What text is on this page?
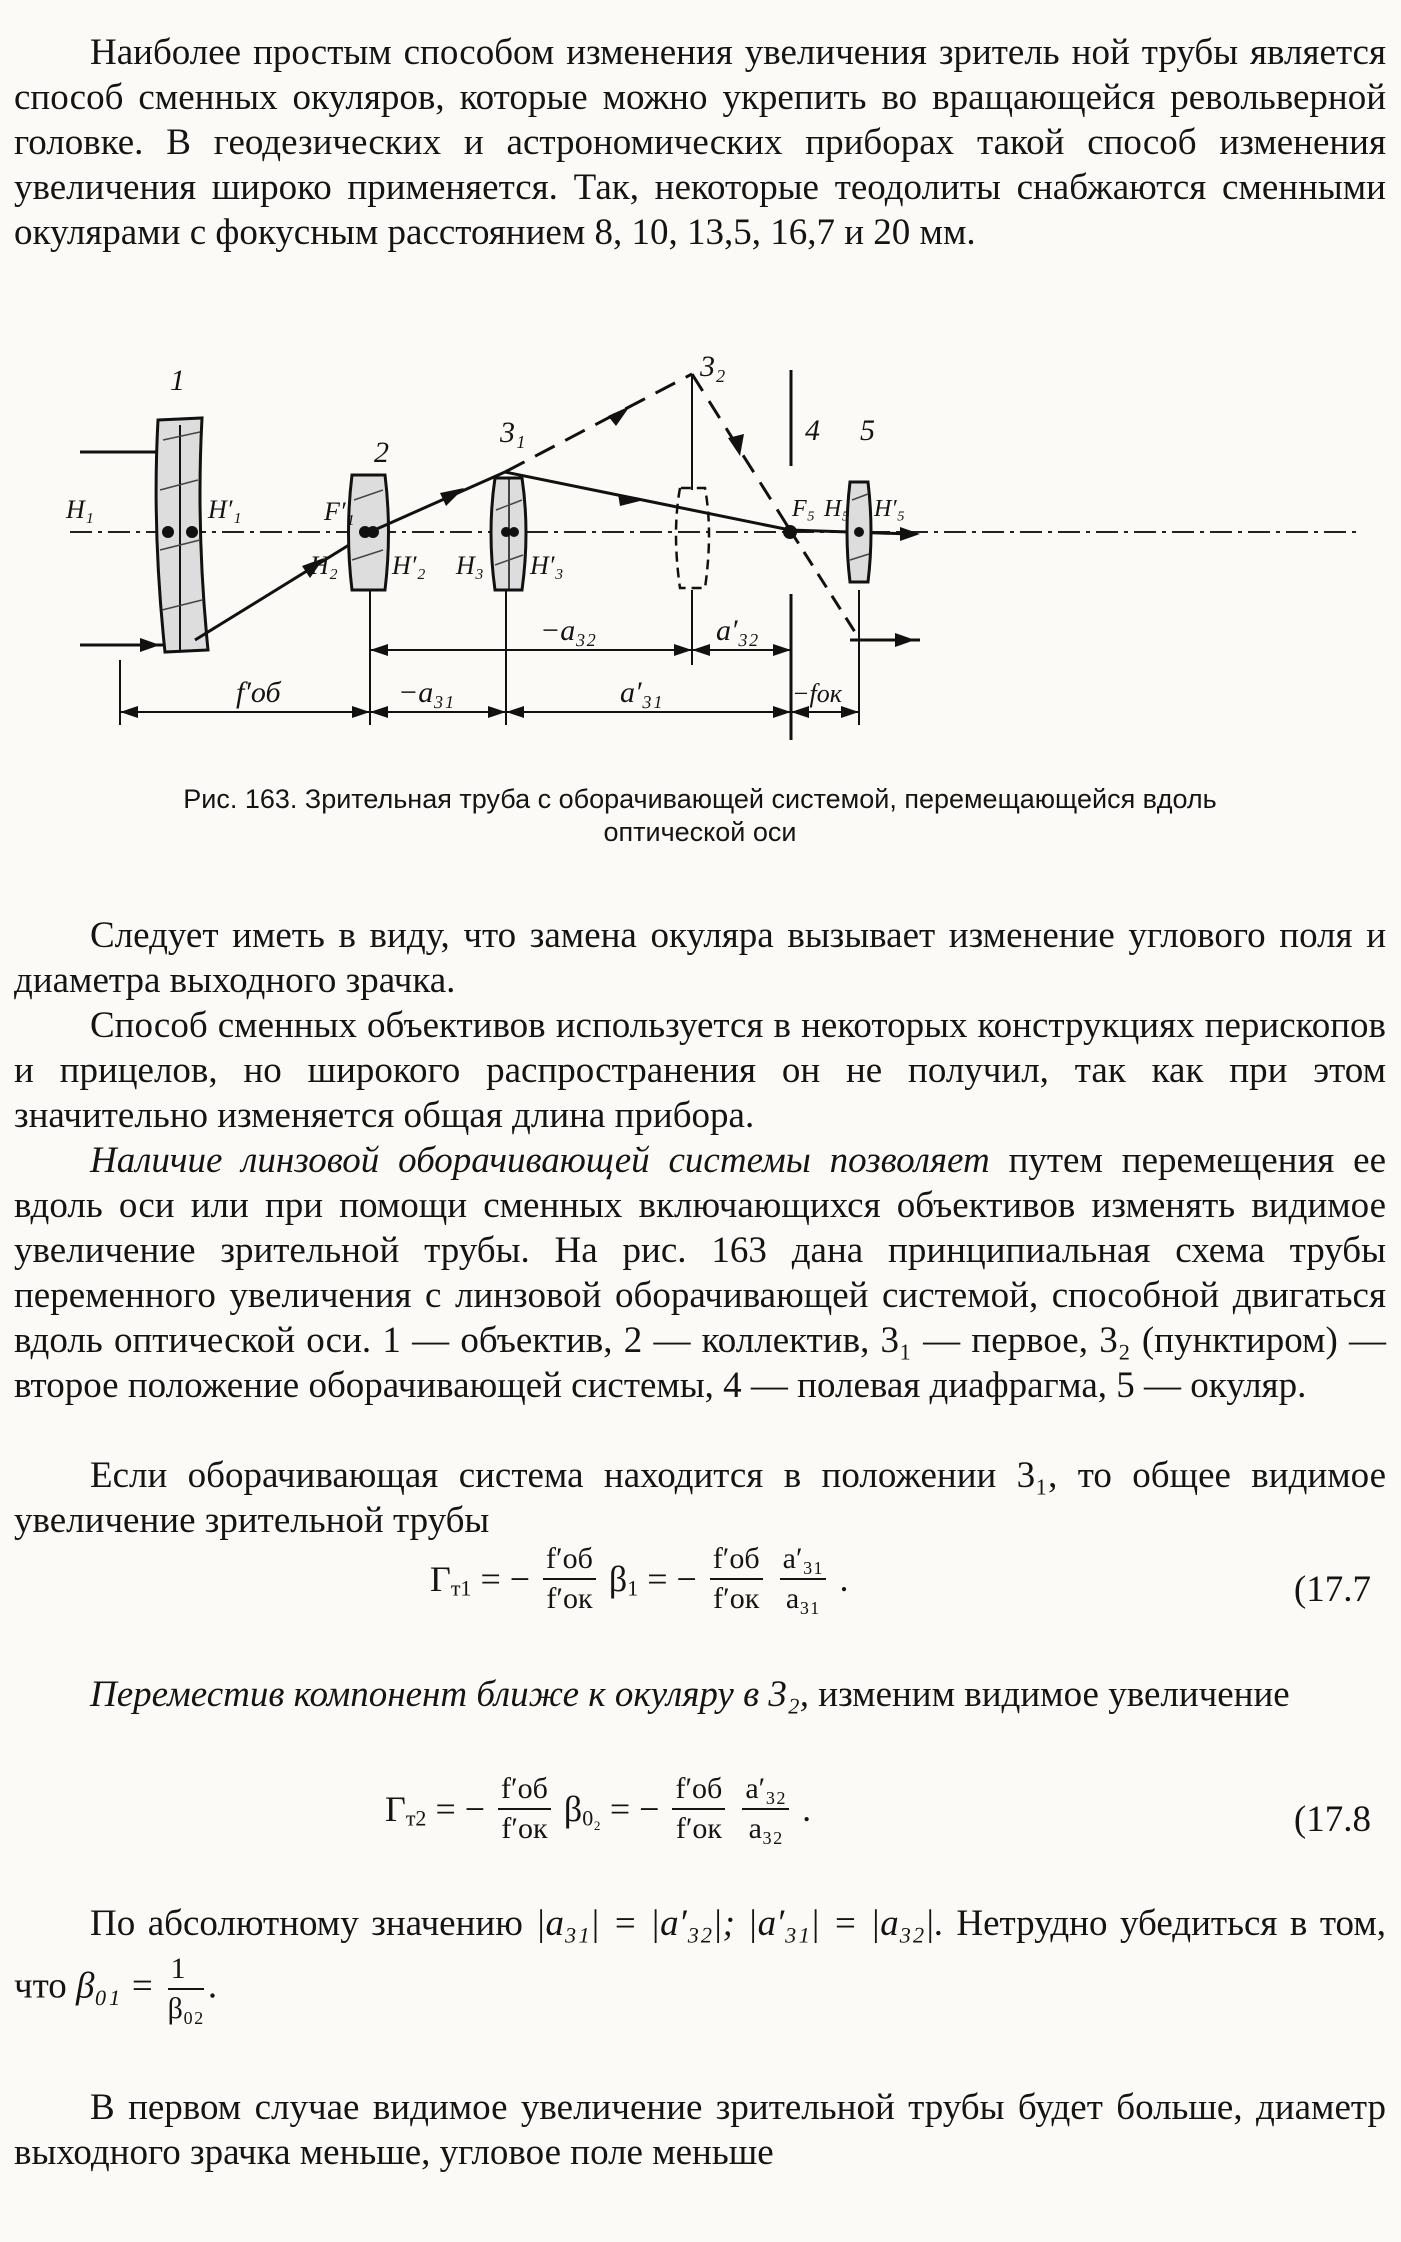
Наиболее простым способом изменения увеличения зритель ной трубы является способ сменных окуляров, которые можно укрепить во вращающейся револьверной головке. В геодезических и астрономических приборах такой способ изменения увеличения широко применяется. Так, некоторые теодолиты снабжаются сменными окулярами с фокусным расстоянием 8, 10, 13,5, 16,7 и 20 мм.

1
2
3₁
3₂
4 5
H₁	H′₁	F′₁
H₂ H′₂ H₃ H′₃
F₅ H₅ H′₅
f′об	−a₃₁	a′₃₁	−fок
−a₃₂	a′₃₂
Рис. 163. Зрительная труба с оборачивающей системой, перемещающейся вдоль
оптической оси

Следует иметь в виду, что замена окуляра вызывает изменение углового поля и диаметра выходного зрачка.

Способ сменных объективов используется в некоторых конструкциях перископов и прицелов, но широкого распространения он не получил, так как при этом значительно изменяется общая длина прибора.

Наличие линзовой оборачивающей системы позволяет путем перемещения ее вдоль оси или при помощи сменных включающихся объективов изменять видимое увеличение зрительной трубы. На рис. 163 дана принципиальная схема трубы переменного увеличения с линзовой оборачивающей системой, способной двигаться вдоль оптической оси. 1 — объектив, 2 — коллектив, 3₁ — первое, 3₂ (пунктиром) — второе положение оборачивающей системы, 4 — полевая диафрагма, 5 — окуляр.

Если оборачивающая система находится в положении 3₁, то общее видимое увеличение зрительной трубы

$\Gamma_{т1}$ = − $\frac{f'об}{f'ок} \beta_1$ = − $\frac{f'об}{f'ок}$
$\frac{\text{a′₃₁}}{\text{a₃₁}}$ .	(17.7

Переместив компонент ближе к окуляру в 3₂, изменим видимое увеличение

$\Gamma_{т2}$ = − $\frac{f'об}{f'ок} \beta_{0_2}$ = − $\frac{f'об}{f'ок}$
$\frac{\text{a′₃₂}}{\text{a₃₂}}$ .	(17.8

По абсолютному значению |a₃₁| = |a′₃₂|; |a′₃₁| = |a₃₂|. Нетрудно убедиться в том, что $\beta_{01} = \frac{1}{\text{β₀₂}}$ .

В первом случае видимое увеличение зрительной трубы будет больше, диаметр выходного зрачка меньше, угловое поле меньше
